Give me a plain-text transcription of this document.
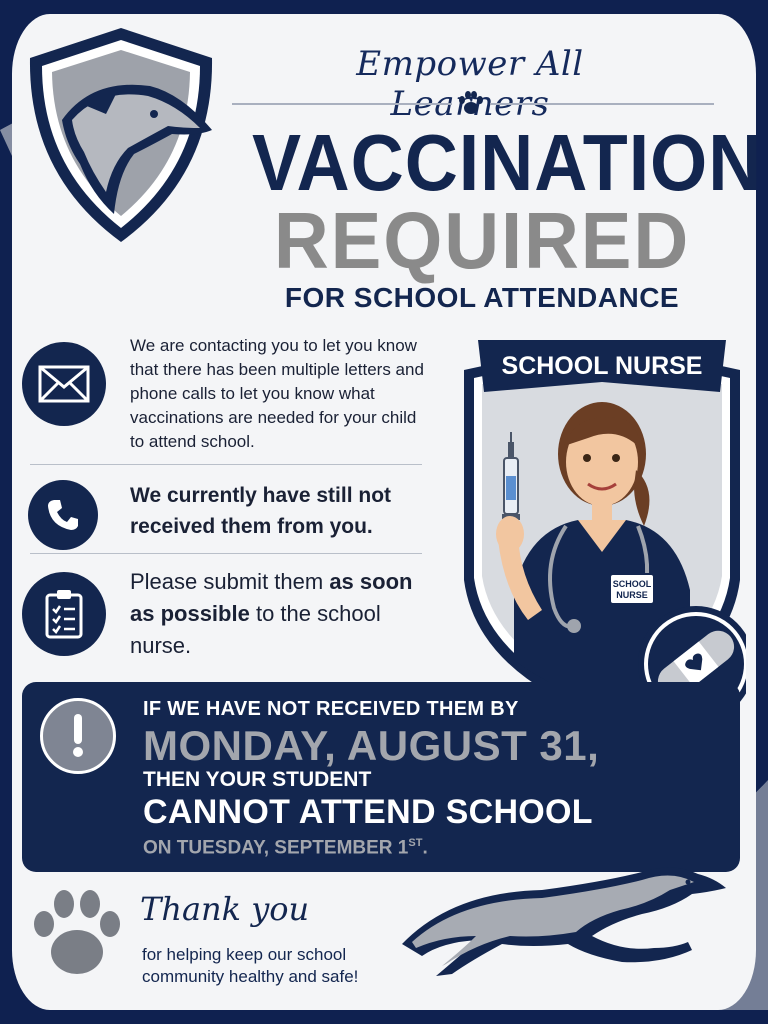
Empower All
VACCINATION
REQUIRED
FOR SCHOOL ATTENDANCE
We are contacting you to let you know that there has been multiple letters and phone calls to let you know what vaccinations are needed for your child to attend school.
We currently have still not received them from you.
Please submit them as soon as possible to the school nurse.
SCHOOL
NURSE
SCHOOL NURSE
IF WE HAVE NOT RECEIVED THEM BY
MONDAY, AUGUST 31,
THEN YOUR STUDENT
CANNOT ATTEND SCHOOL
ON TUESDAY, SEPTEMBER 1ST.
Thank you
for helping keep our school community healthy and safe!
